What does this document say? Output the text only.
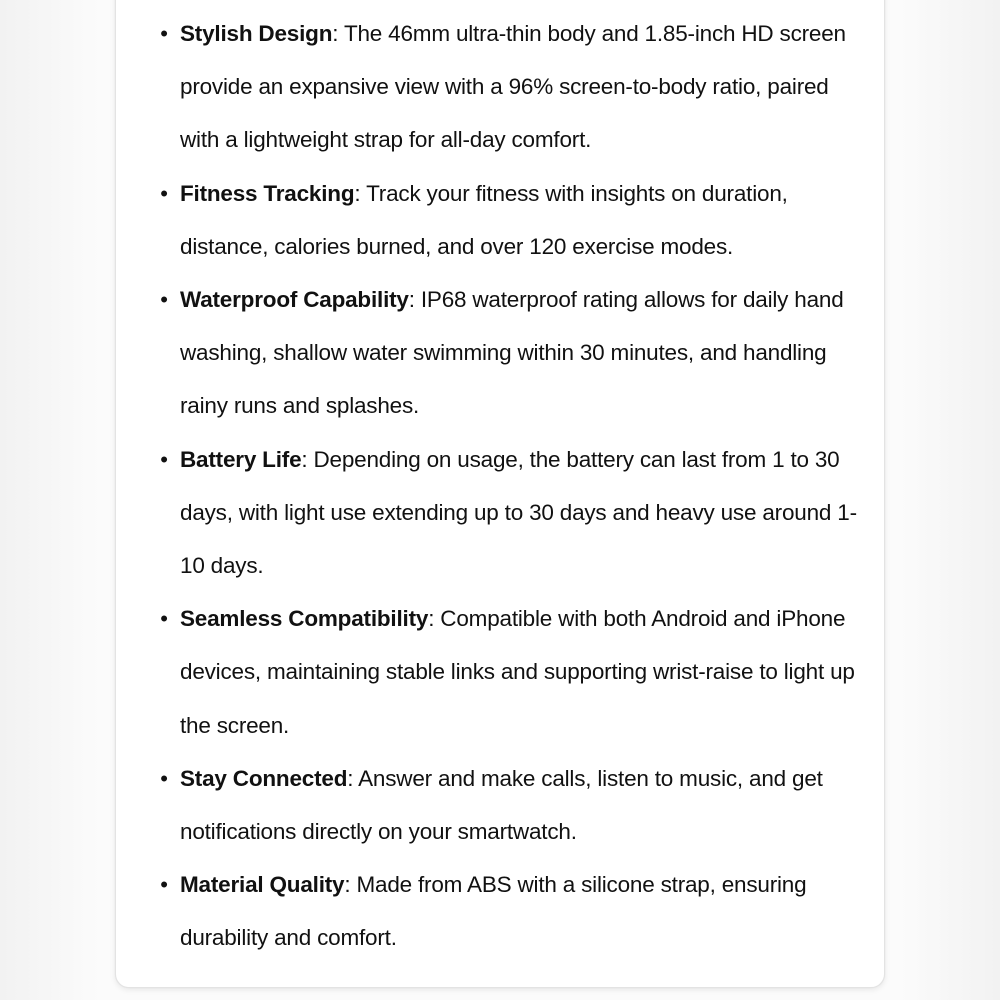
• Stylish Design: The 46mm ultra-thin body and 1.85-inch HD screen provide an expansive view with a 96% screen-to-body ratio, paired with a lightweight strap for all-day comfort.
• Fitness Tracking: Track your fitness with insights on duration, distance, calories burned, and over 120 exercise modes.
• Waterproof Capability: IP68 waterproof rating allows for daily hand washing, shallow water swimming within 30 minutes, and handling rainy runs and splashes.
• Battery Life: Depending on usage, the battery can last from 1 to 30 days, with light use extending up to 30 days and heavy use around 1-10 days.
• Seamless Compatibility: Compatible with both Android and iPhone devices, maintaining stable links and supporting wrist-raise to light up the screen.
• Stay Connected: Answer and make calls, listen to music, and get notifications directly on your smartwatch.
• Material Quality: Made from ABS with a silicone strap, ensuring durability and comfort.
